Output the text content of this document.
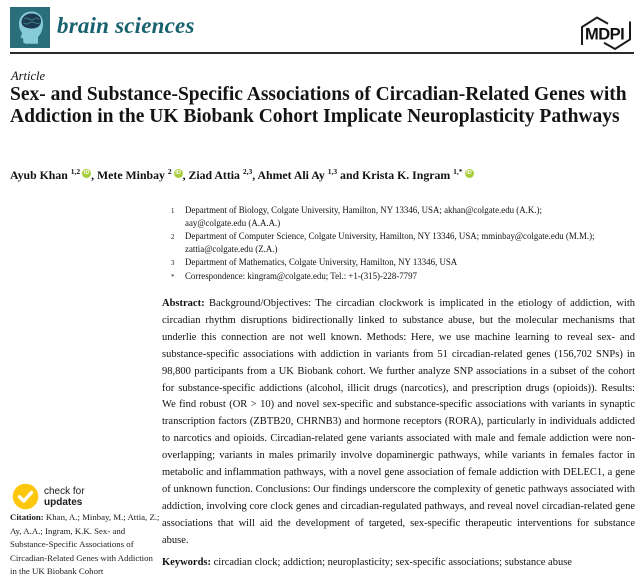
brain sciences	MDPI
Article
Sex- and Substance-Specific Associations of Circadian-Related Genes with Addiction in the UK Biobank Cohort Implicate Neuroplasticity Pathways
Ayub Khan $^{1,2}$ iD , Mete Minbay $^2$ iD , Ziad Attia $^{2,3}$, Ahmet Ali Ay $^{1,3}$ and Krista K. Ingram $^{1,*}$ iD
1	Department of Biology, Colgate University, Hamilton, NY 13346, USA; akhan@colgate.edu (A.K.); aay@colgate.edu (A.A.A.)
2	Department of Computer Science, Colgate University, Hamilton, NY 13346, USA; mminbay@colgate.edu (M.M.); zattia@colgate.edu (Z.A.)
3	Department of Mathematics, Colgate University, Hamilton, NY 13346, USA
*	Correspondence: kingram@colgate.edu; Tel.: +1-(315)-228-7797

Abstract: Background/Objectives: The circadian clockwork is implicated in the etiology of addiction, with circadian rhythm disruptions bidirectionally linked to substance abuse, but the molecular mechanisms that underlie this connection are not well known. Methods: Here, we use machine learning to reveal sex- and substance-specific associations with addiction in variants from 51 circadian-related genes (156,702 SNPs) in 98,800 participants from a UK Biobank cohort. We further analyze SNP associations in a subset of the cohort for substance-specific addictions (alcohol, illicit drugs (narcotics), and prescription drugs (opioids)). Results: We find robust (OR > 10) and novel sex-specific and substance-specific associations with variants in synaptic transcription factors (ZBTB20, CHRNB3) and hormone receptors (RORA), particularly in individuals addicted to narcotics and opioids. Circadian-related gene variants associated with male and female addiction were non-overlapping; variants in males primarily involve dopaminergic pathways, while variants in females factor in metabolic and inflammation pathways, with a novel gene association of female addiction with DELEC1, a gene of unknown function. Conclusions: Our findings underscore the complexity of genetic pathways associated with addiction, involving core clock genes and circadian-regulated pathways, and reveal novel circadian-related gene associations that will aid the development of targeted, sex-specific therapeutic interventions for substance abuse.

Keywords: circadian clock; addiction; neuroplasticity; sex-specific associations; substance abuse

check for
updates

Citation: Khan, A.; Minbay, M.; Attia, Z.; Ay, A.A.; Ingram, K.K. Sex- and Substance-Specific Associations of Circadian-Related Genes with Addiction in the UK Biobank Cohort
